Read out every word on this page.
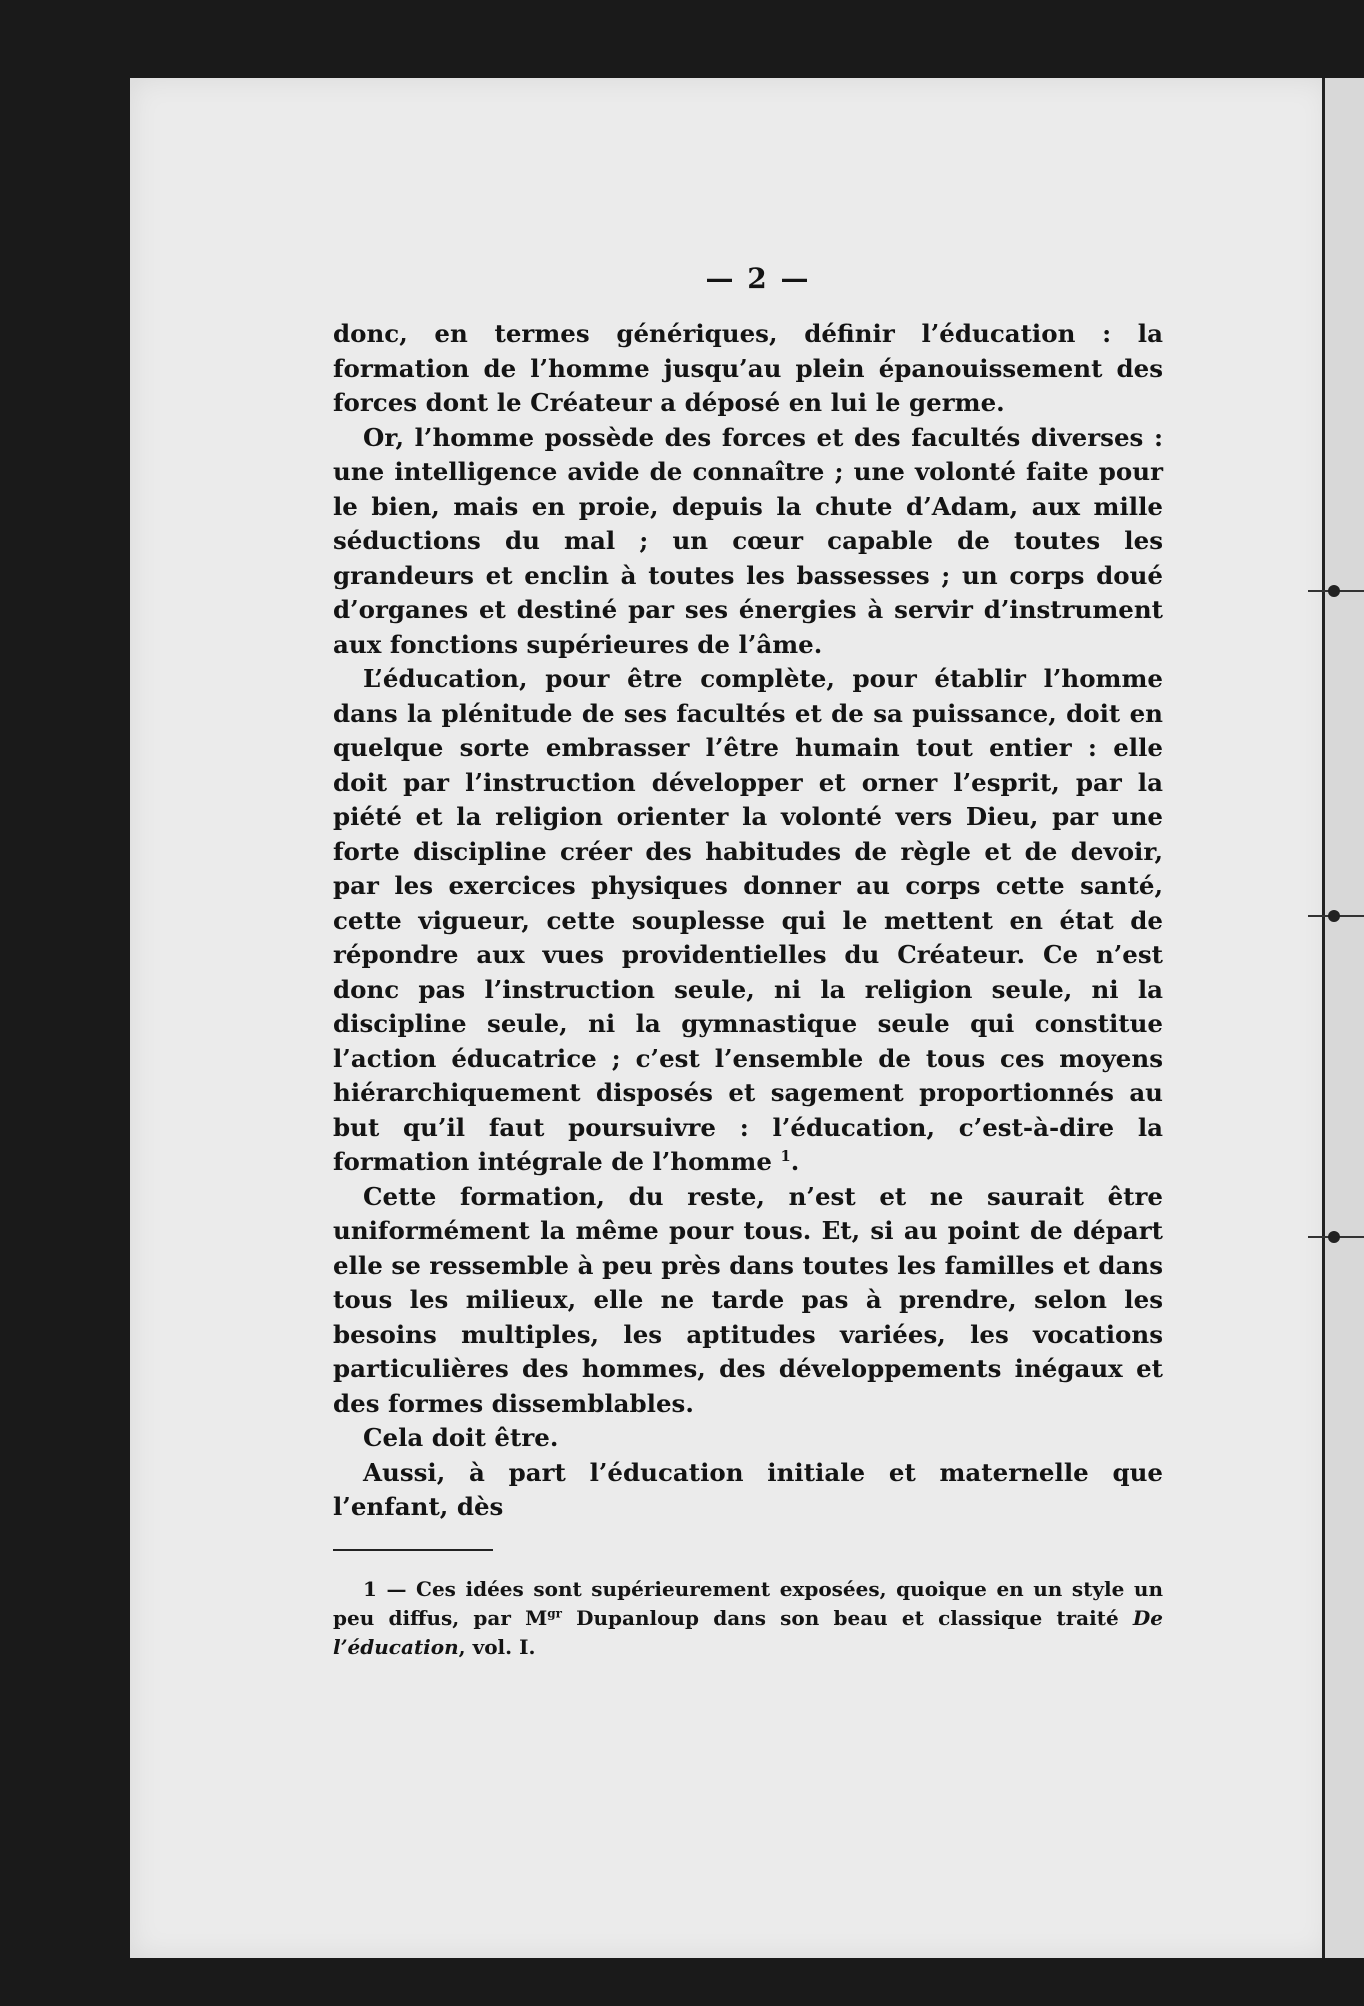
— 2 —

donc, en termes génériques, définir l’éducation : la formation de l’homme jusqu’au plein épanouissement des forces dont le Créateur a déposé en lui le germe.

Or, l’homme possède des forces et des facultés diverses : une intelligence avide de connaître ; une volonté faite pour le bien, mais en proie, depuis la chute d’Adam, aux mille séductions du mal ; un cœur capable de toutes les grandeurs et enclin à toutes les bassesses ; un corps doué d’organes et destiné par ses énergies à servir d’instrument aux fonctions supérieures de l’âme.

L’éducation, pour être complète, pour établir l’homme dans la plénitude de ses facultés et de sa puissance, doit en quelque sorte embrasser l’être humain tout entier : elle doit par l’instruction développer et orner l’esprit, par la piété et la religion orienter la volonté vers Dieu, par une forte discipline créer des habitudes de règle et de devoir, par les exercices physiques donner au corps cette santé, cette vigueur, cette souplesse qui le mettent en état de répondre aux vues providentielles du Créateur. Ce n’est donc pas l’instruction seule, ni la religion seule, ni la discipline seule, ni la gymnastique seule qui constitue l’action éducatrice ; c’est l’ensemble de tous ces moyens hiérarchiquement disposés et sagement proportionnés au but qu’il faut poursuivre : l’éducation, c’est-à-dire la formation intégrale de l’homme $^1$.

Cette formation, du reste, n’est et ne saurait être uniformément la même pour tous. Et, si au point de départ elle se ressemble à peu près dans toutes les familles et dans tous les milieux, elle ne tarde pas à prendre, selon les besoins multiples, les aptitudes variées, les vocations particulières des hommes, des développements inégaux et des formes dissemblables.

Cela doit être.

Aussi, à part l’éducation initiale et maternelle que l’enfant, dès

1 — Ces idées sont supérieurement exposées, quoique en un style un peu diffus, par $M^{gr}$ Dupanloup dans son beau et classique traité De l’éducation, vol. I.
